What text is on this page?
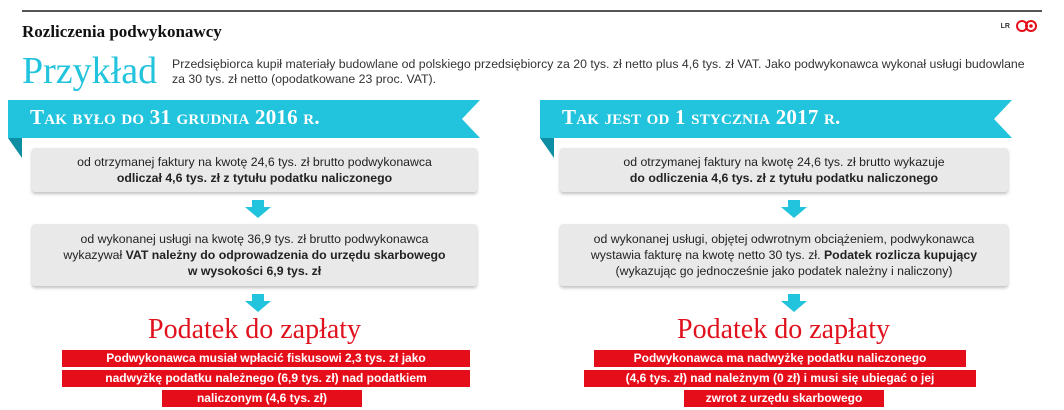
Rozliczenia podwykonawcy	LR
Przykład Przedsiębiorca kupił materiały budowlane od polskiego przedsiębiorcy za 20 tys. zł netto plus 4,6 tys. zł VAT. Jako podwykonawca wykonał usługi budowlane za 30 tys. zł netto (opodatkowane 23 proc. VAT).
Tak było do 31 grudnia 2016 r.
od otrzymanej faktury na kwotę 24,6 tys. zł brutto podwykonawca
odliczał 4,6 tys. zł z tytułu podatku naliczonego
od wykonanej usługi na kwotę 36,9 tys. zł brutto podwykonawca
wykazywał VAT należny do odprowadzenia do urzędu skarbowego
w wysokości 6,9 tys. zł
Podatek do zapłaty
Podwykonawca musiał wpłacić fiskusowi 2,3 tys. zł jako
nadwyżkę podatku należnego (6,9 tys. zł) nad podatkiem
naliczonym (4,6 tys. zł)
Tak jest od 1 stycznia 2017 r.
od otrzymanej faktury na kwotę 24,6 tys. zł brutto wykazuje
do odliczenia 4,6 tys. zł z tytułu podatku naliczonego
od wykonanej usługi, objętej odwrotnym obciążeniem, podwykonawca
wystawia fakturę na kwotę netto 30 tys. zł. Podatek rozlicza kupujący
(wykazując go jednocześnie jako podatek należny i naliczony)
Podatek do zapłaty
Podwykonawca ma nadwyżkę podatku naliczonego
(4,6 tys. zł) nad należnym (0 zł) i musi się ubiegać o jej
zwrot z urzędu skarbowego
